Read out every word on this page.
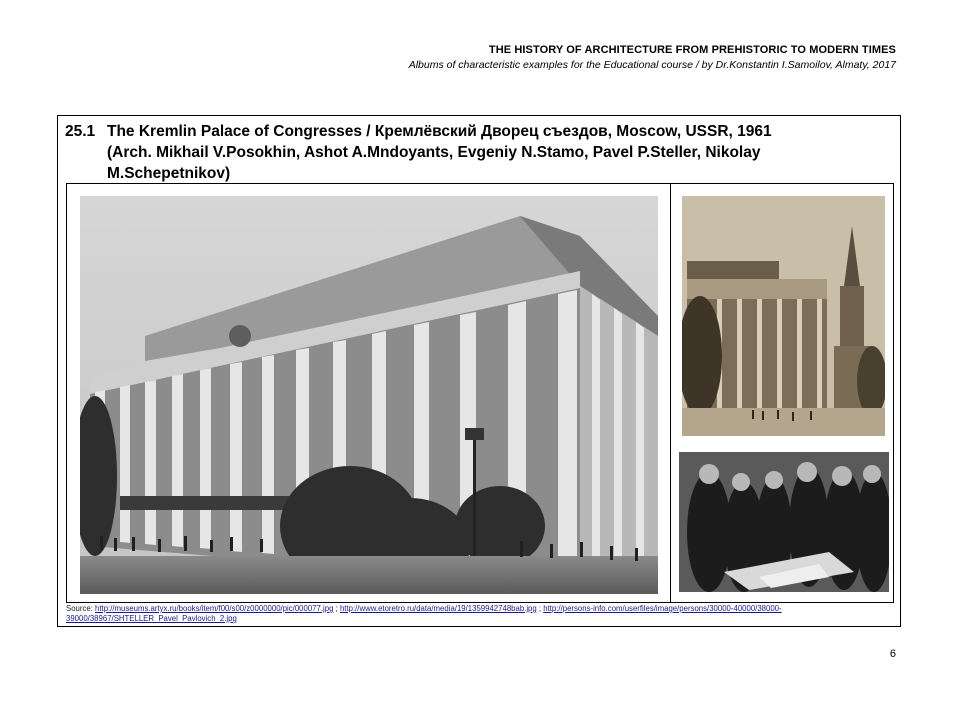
THE HISTORY OF ARCHITECTURE FROM PREHISTORIC TO MODERN TIMES
Albums of characteristic examples for the Educational course / by Dr.Konstantin I.Samoilov, Almaty, 2017
25.1 The Kremlin Palace of Congresses / Кремлёвский Дворец съездов, Moscow, USSR, 1961
(Arch. Mikhail V.Posokhin, Ashot A.Mndoyants, Evgeniy N.Stamo, Pavel P.Steller, Nikolay
M.Schepetnikov)
Source: http://museums.artyx.ru/books/item/f00/s00/z0000000/pic/000077.jpg ; http://www.etoretro.ru/data/media/19/1359942748bab.jpg ; http://persons-info.com/userfiles/image/persons/30000-40000/38000-39000/38967/SHTELLER_Pavel_Pavlovich_2.jpg
6
